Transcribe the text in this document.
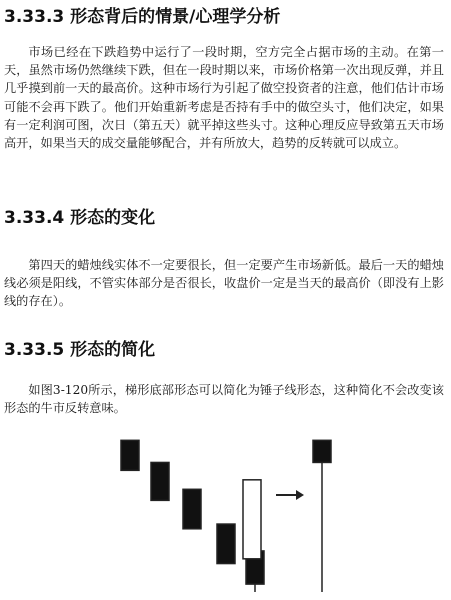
3.33.3 形态背后的情景/心理学分析

市场已经在下跌趋势中运行了一段时期，空方完全占据市场的主动。在第一天，虽然市场仍然继续下跌，但在一段时期以来，市场价格第一次出现反弹，并且几乎摸到前一天的最高价。这种市场行为引起了做空投资者的注意，他们估计市场可能不会再下跌了。他们开始重新考虑是否持有手中的做空头寸，他们决定，如果有一定利润可图，次日（第五天）就平掉这些头寸。这种心理反应导致第五天市场高开，如果当天的成交量能够配合，并有所放大，趋势的反转就可以成立。

3.33.4 形态的变化

第四天的蜡烛线实体不一定要很长，但一定要产生市场新低。最后一天的蜡烛线必须是阳线，不管实体部分是否很长，收盘价一定是当天的最高价（即没有上影线的存在）。

3.33.5 形态的简化

如图3-120所示，梯形底部形态可以简化为锤子线形态，这种简化不会改变该形态的牛市反转意味。
